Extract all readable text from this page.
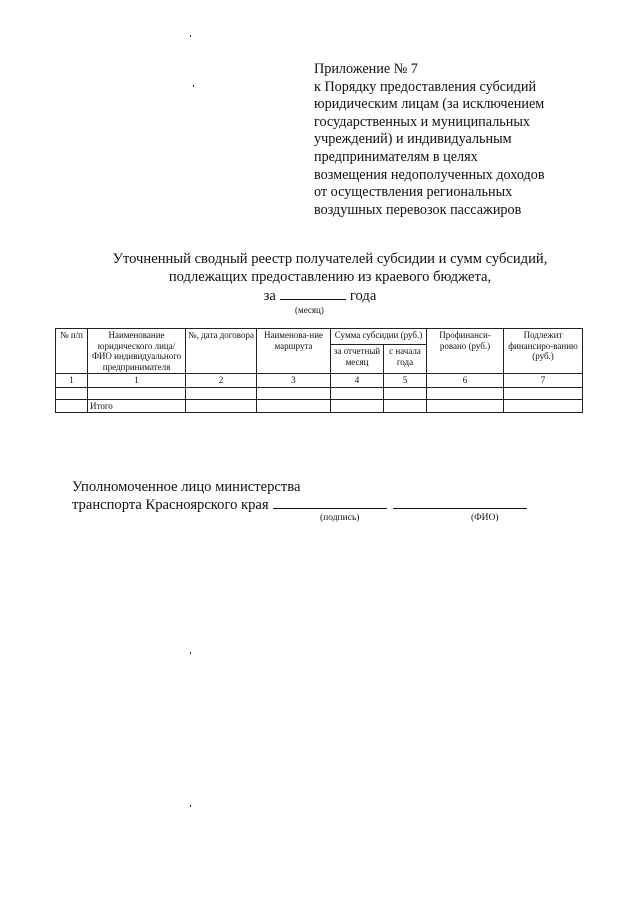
Приложение № 7
к Порядку предоставления субсидий
юридическим лицам (за исключением
государственных и муниципальных
учреждений) и индивидуальным
предпринимателям в целях
возмещения недополученных доходов
от осуществления региональных
воздушных перевозок пассажиров
Уточненный сводный реестр получателей субсидии и сумм субсидий,
подлежащих предоставлению из краевого бюджета,
за	года
(месяц)
№ п/п	Наименование юридического лица/ ФИО индивидуального предпринимателя	№, дата договора	Наименова-ние маршрута	Сумма субсидии (руб.)		Профинанси-ровано (руб.)	Подлежит финансиро-ванию (руб.)
				за отчетный месяц	с начала года		
1	1	2	3	4	5	6	7

	Итого						
Уполномоченное лицо министерства
транспорта Красноярского края
(подпись)	(ФИО)
